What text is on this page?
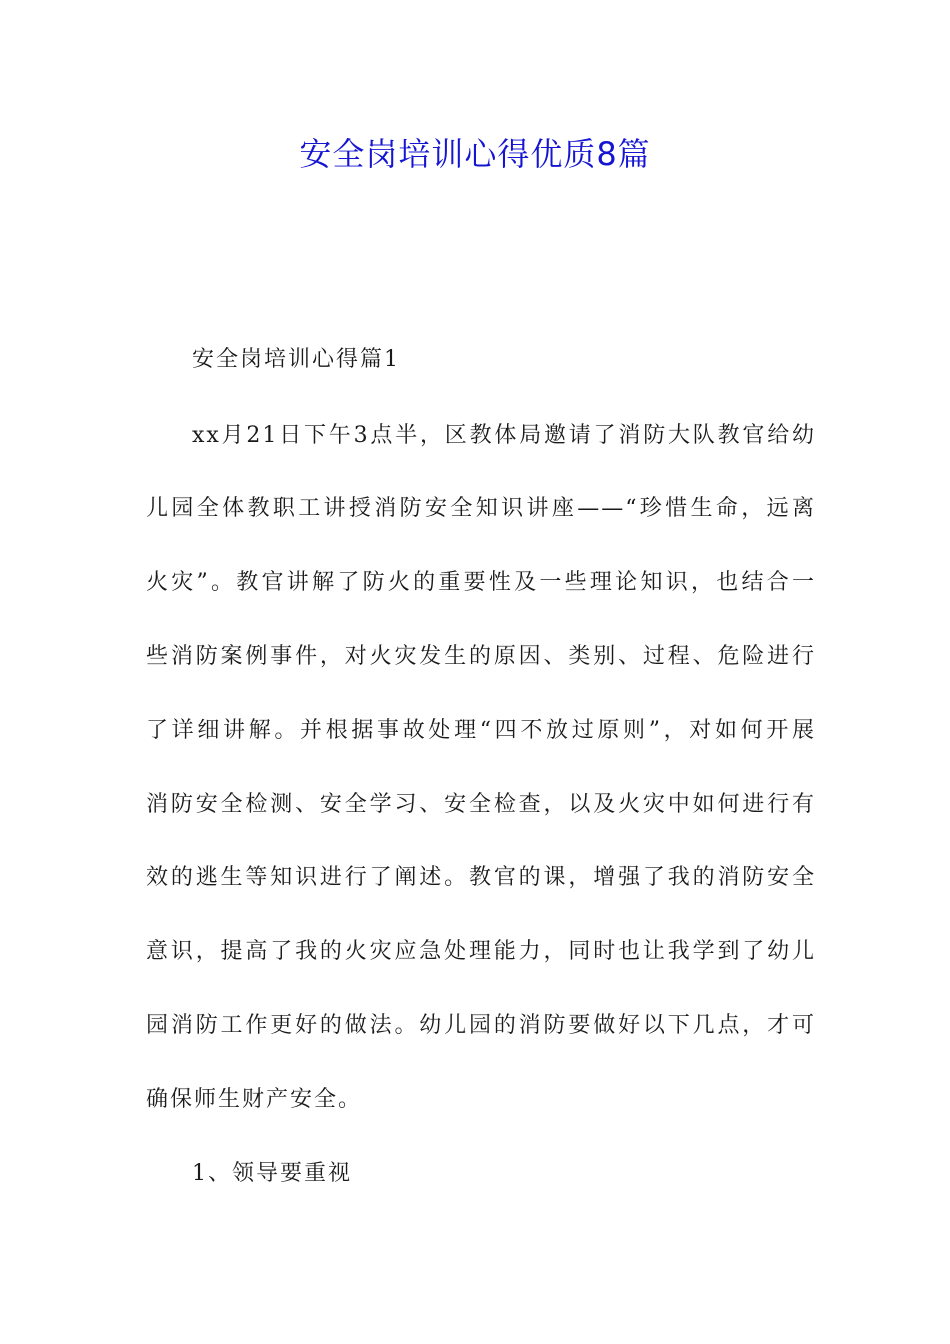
安全岗培训心得优质8篇

安全岗培训心得篇1

xx月21日下午3点半，区教体局邀请了消防大队教官给幼

儿园全体教职工讲授消防安全知识讲座——“珍惜生命，远离

火灾”。教官讲解了防火的重要性及一些理论知识，也结合一

些消防案例事件，对火灾发生的原因、类别、过程、危险进行

了详细讲解。并根据事故处理“四不放过原则”，对如何开展

消防安全检测、安全学习、安全检查，以及火灾中如何进行有

效的逃生等知识进行了阐述。教官的课，增强了我的消防安全

意识，提高了我的火灾应急处理能力，同时也让我学到了幼儿

园消防工作更好的做法。幼儿园的消防要做好以下几点，才可

确保师生财产安全。

1、领导要重视
